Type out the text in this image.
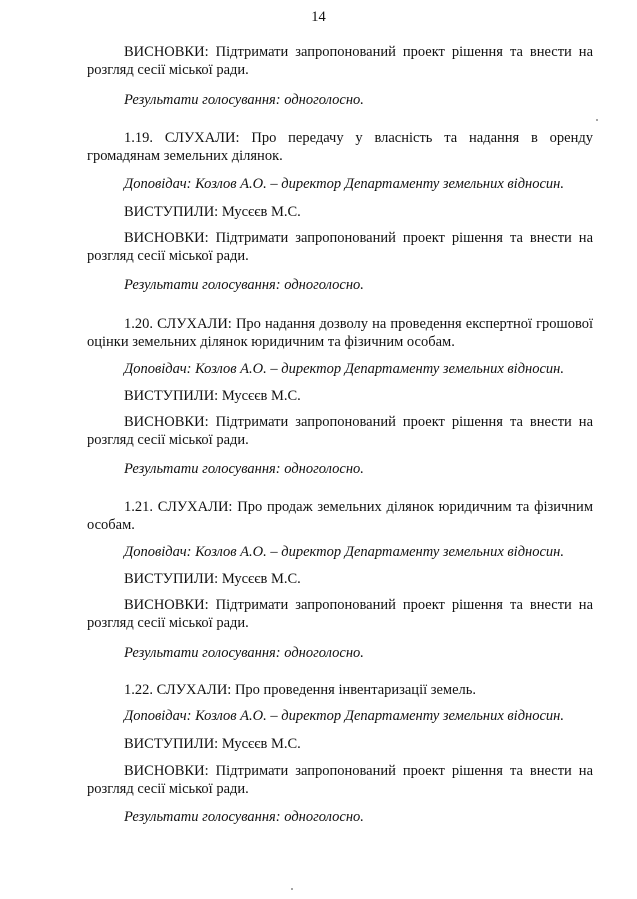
14

ВИСНОВКИ: Підтримати запропонований проект рішення та внести на розгляд сесії міської ради.

Результати голосування: одноголосно.

1.19. СЛУХАЛИ: Про передачу у власність та надання в оренду громадянам земельних ділянок.

Доповідач: Козлов А.О. – директор Департаменту земельних відносин.

ВИСТУПИЛИ: Мусєєв М.С.

ВИСНОВКИ: Підтримати запропонований проект рішення та внести на розгляд сесії міської ради.

Результати голосування: одноголосно.

1.20. СЛУХАЛИ: Про надання дозволу на проведення експертної грошової оцінки земельних ділянок юридичним та фізичним особам.

Доповідач: Козлов А.О. – директор Департаменту земельних відносин.

ВИСТУПИЛИ: Мусєєв М.С.

ВИСНОВКИ: Підтримати запропонований проект рішення та внести на розгляд сесії міської ради.

Результати голосування: одноголосно.

1.21. СЛУХАЛИ: Про продаж земельних ділянок юридичним та фізичним особам.

Доповідач: Козлов А.О. – директор Департаменту земельних відносин.

ВИСТУПИЛИ: Мусєєв М.С.

ВИСНОВКИ: Підтримати запропонований проект рішення та внести на розгляд сесії міської ради.

Результати голосування: одноголосно.

1.22. СЛУХАЛИ: Про проведення інвентаризації земель.

Доповідач: Козлов А.О. – директор Департаменту земельних відносин.

ВИСТУПИЛИ: Мусєєв М.С.

ВИСНОВКИ: Підтримати запропонований проект рішення та внести на розгляд сесії міської ради.

Результати голосування: одноголосно.
